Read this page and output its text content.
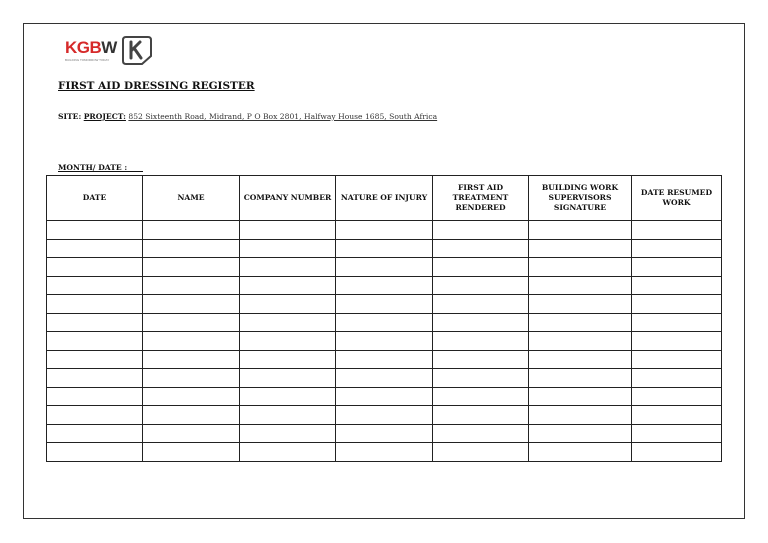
KGBW
BUILDING TOMORROW TODAY
FIRST AID DRESSING REGISTER
SITE: PROJECT: 852 Sixteenth Road, Midrand, P O Box 2801, Halfway House 1685, South Africa
MONTH/ DATE :
DATE	NAME	COMPANY NUMBER	NATURE OF INJURY	FIRST AID TREATMENT RENDERED	BUILDING WORK SUPERVISORS SIGNATURE	DATE RESUMED WORK
